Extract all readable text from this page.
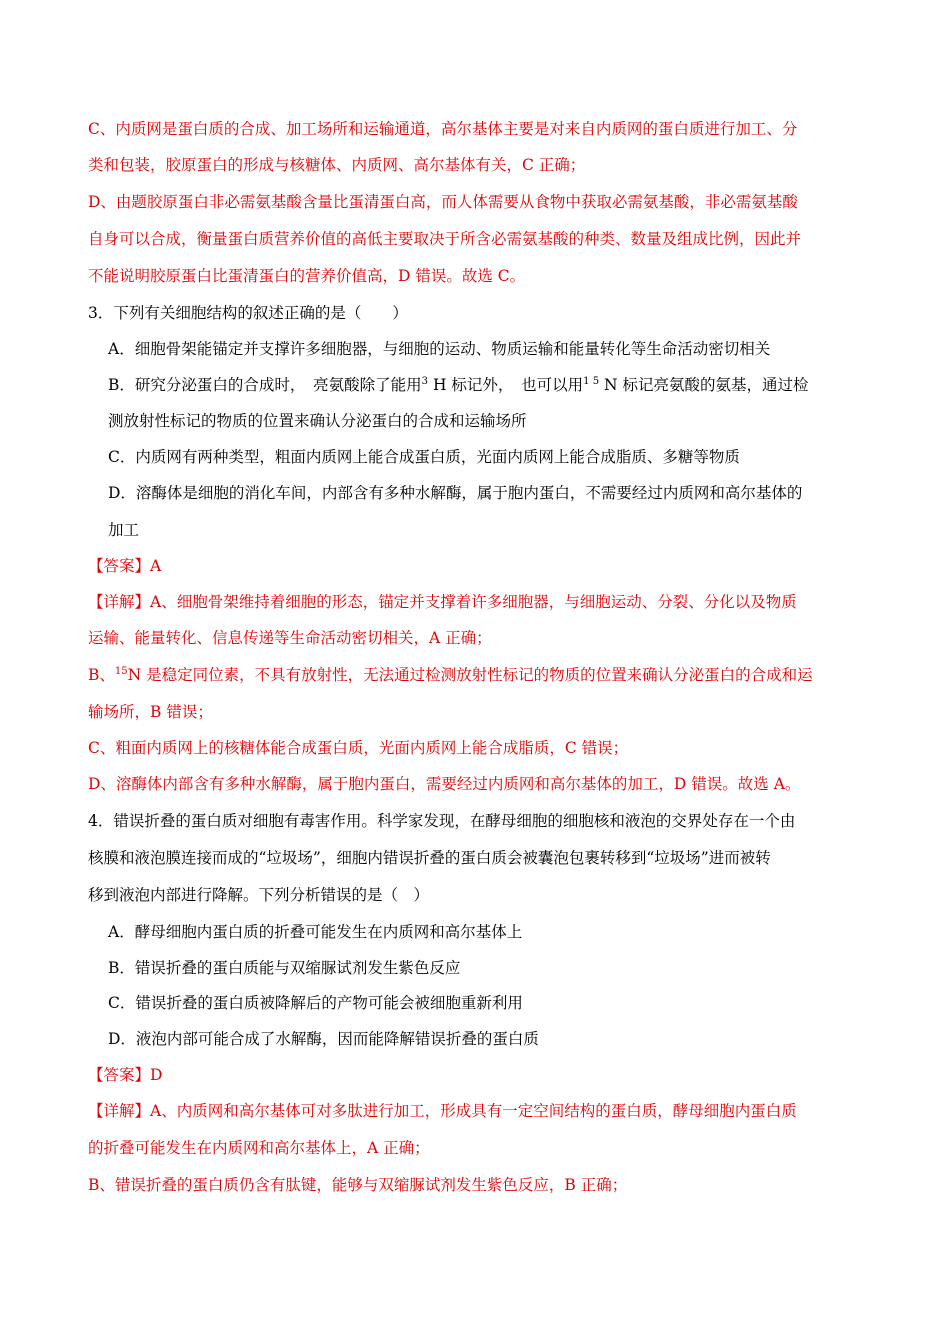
C、内质网是蛋白质的合成、加工场所和运输通道，高尔基体主要是对来自内质网的蛋白质进行加工、分
类和包装，胶原蛋白的形成与核糖体、内质网、高尔基体有关，C 正确；
D、由题胶原蛋白非必需氨基酸含量比蛋清蛋白高，而人体需要从食物中获取必需氨基酸，非必需氨基酸
自身可以合成，衡量蛋白质营养价值的高低主要取决于所含必需氨基酸的种类、数量及组成比例，因此并
不能说明胶原蛋白比蛋清蛋白的营养价值高，D 错误。故选 C。
3．下列有关细胞结构的叙述正确的是（　　）
A．细胞骨架能锚定并支撑许多细胞器，与细胞的运动、物质运输和能量转化等生命活动密切相关
B．研究分泌蛋白的合成时，　亮氨酸除了能用$^3$ H 标记外，　也可以用$^{1 5}$ N 标记亮氨酸的氨基，通过检
测放射性标记的物质的位置来确认分泌蛋白的合成和运输场所
C．内质网有两种类型，粗面内质网上能合成蛋白质，光面内质网上能合成脂质、多糖等物质
D．溶酶体是细胞的消化车间，内部含有多种水解酶，属于胞内蛋白，不需要经过内质网和高尔基体的
加工
【答案】A
【详解】A、细胞骨架维持着细胞的形态，锚定并支撑着许多细胞器，与细胞运动、分裂、分化以及物质
运输、能量转化、信息传递等生命活动密切相关，A 正确；
B、$^{15}$N 是稳定同位素，不具有放射性，无法通过检测放射性标记的物质的位置来确认分泌蛋白的合成和运
输场所，B 错误；
C、粗面内质网上的核糖体能合成蛋白质，光面内质网上能合成脂质，C 错误；
D、溶酶体内部含有多种水解酶，属于胞内蛋白，需要经过内质网和高尔基体的加工，D 错误。故选 A。
4．错误折叠的蛋白质对细胞有毒害作用。科学家发现，在酵母细胞的细胞核和液泡的交界处存在一个由
核膜和液泡膜连接而成的“垃圾场”，细胞内错误折叠的蛋白质会被囊泡包裹转移到“垃圾场”进而被转
移到液泡内部进行降解。下列分析错误的是（　）
A．酵母细胞内蛋白质的折叠可能发生在内质网和高尔基体上
B．错误折叠的蛋白质能与双缩脲试剂发生紫色反应
C．错误折叠的蛋白质被降解后的产物可能会被细胞重新利用
D．液泡内部可能合成了水解酶，因而能降解错误折叠的蛋白质
【答案】D
【详解】A、内质网和高尔基体可对多肽进行加工，形成具有一定空间结构的蛋白质，酵母细胞内蛋白质
的折叠可能发生在内质网和高尔基体上，A 正确；
B、错误折叠的蛋白质仍含有肽键，能够与双缩脲试剂发生紫色反应，B 正确；
